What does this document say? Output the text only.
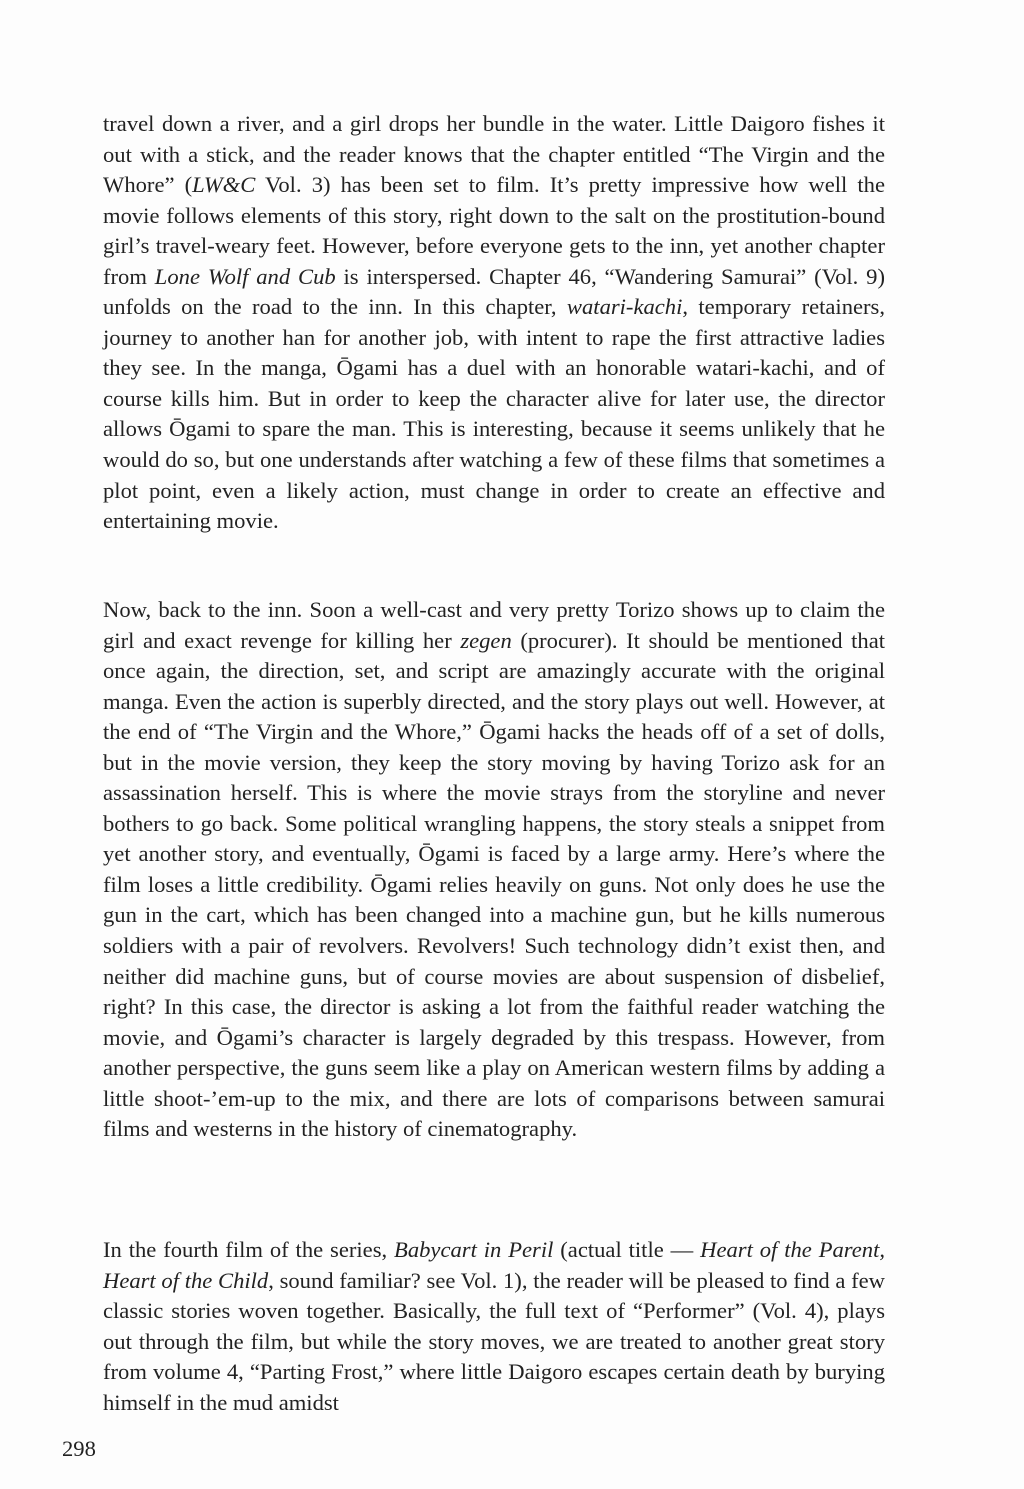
travel down a river, and a girl drops her bundle in the water. Little Daigoro fishes it out with a stick, and the reader knows that the chapter entitled “The Virgin and the Whore” (LW&C Vol. 3) has been set to film. It’s pretty impressive how well the movie follows elements of this story, right down to the salt on the prostitution-bound girl’s travel-weary feet. However, before everyone gets to the inn, yet another chapter from Lone Wolf and Cub is interspersed. Chapter 46, “Wandering Samurai” (Vol. 9) unfolds on the road to the inn. In this chapter, watari-kachi, temporary retainers, journey to another han for another job, with intent to rape the first attractive ladies they see. In the manga, Ōgami has a duel with an honorable watari-kachi, and of course kills him. But in order to keep the character alive for later use, the director allows Ōgami to spare the man. This is interesting, because it seems unlikely that he would do so, but one understands after watching a few of these films that sometimes a plot point, even a likely action, must change in order to create an effective and entertaining movie.

Now, back to the inn. Soon a well-cast and very pretty Torizo shows up to claim the girl and exact revenge for killing her zegen (procurer). It should be mentioned that once again, the direction, set, and script are amazingly accurate with the original manga. Even the action is superbly directed, and the story plays out well. However, at the end of “The Virgin and the Whore,” Ōgami hacks the heads off of a set of dolls, but in the movie version, they keep the story moving by having Torizo ask for an assassination herself. This is where the movie strays from the storyline and never bothers to go back. Some political wrangling happens, the story steals a snippet from yet another story, and eventually, Ōgami is faced by a large army. Here’s where the film loses a little credibility. Ōgami relies heavily on guns. Not only does he use the gun in the cart, which has been changed into a machine gun, but he kills numerous soldiers with a pair of revolvers. Revolvers! Such technology didn’t exist then, and neither did machine guns, but of course movies are about suspension of disbelief, right? In this case, the director is asking a lot from the faithful reader watching the movie, and Ōgami’s character is largely degraded by this trespass. However, from another perspective, the guns seem like a play on American western films by adding a little shoot-’em-up to the mix, and there are lots of comparisons between samurai films and westerns in the history of cinematography.

In the fourth film of the series, Babycart in Peril (actual title — Heart of the Parent, Heart of the Child, sound familiar? see Vol. 1), the reader will be pleased to find a few classic stories woven together. Basically, the full text of “Performer” (Vol. 4), plays out through the film, but while the story moves, we are treated to another great story from volume 4, “Parting Frost,” where little Daigoro escapes certain death by burying himself in the mud amidst

298
